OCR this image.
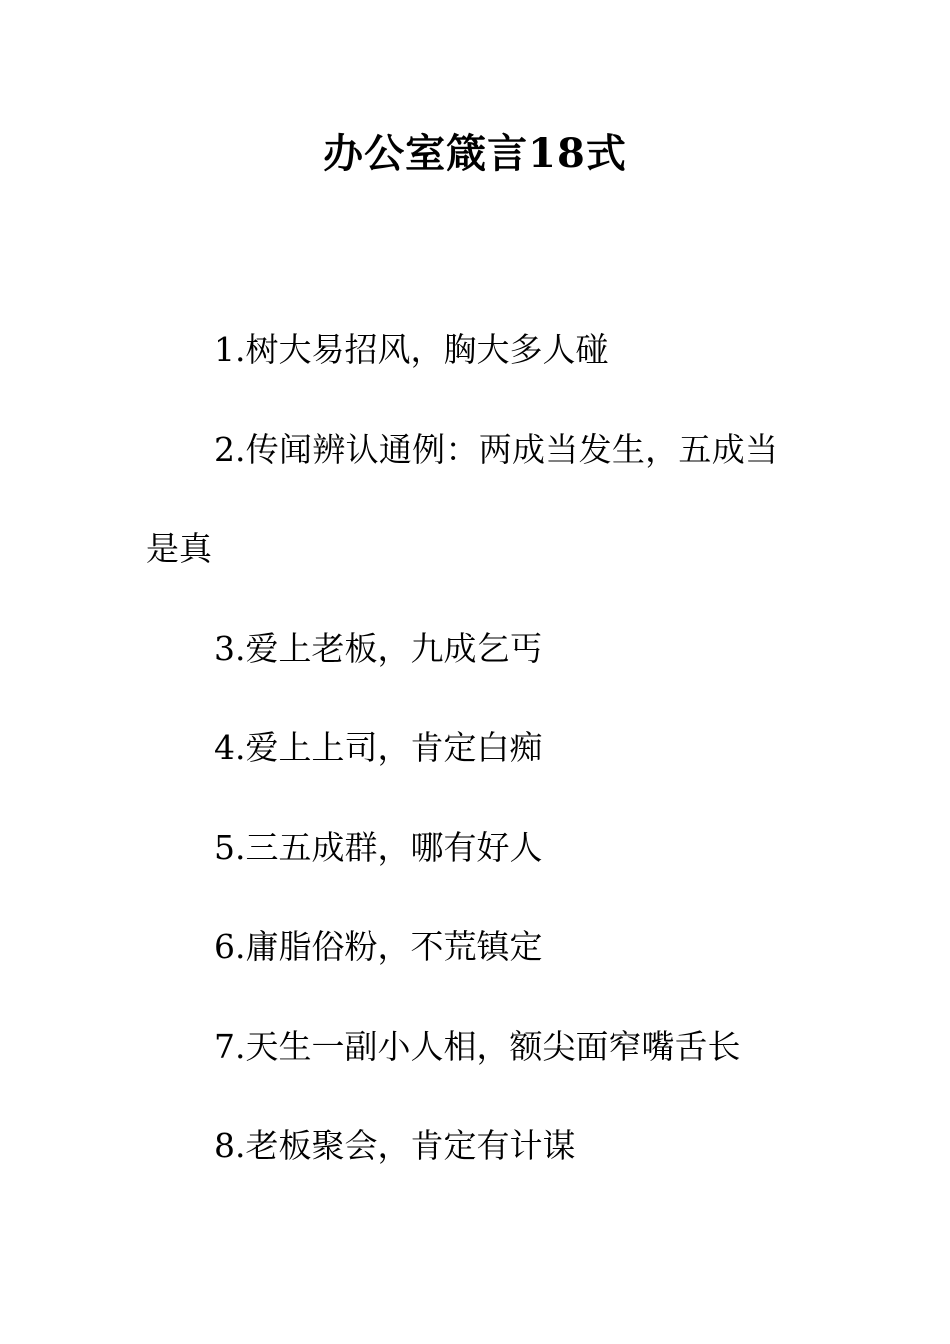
办公室箴言18式

1.树大易招风，胸大多人碰

2.传闻辨认通例：两成当发生，五成当是真

3.爱上老板，九成乞丐

4.爱上上司，肯定白痴

5.三五成群，哪有好人

6.庸脂俗粉，不荒镇定

7.天生一副小人相，额尖面窄嘴舌长

8.老板聚会，肯定有计谋
